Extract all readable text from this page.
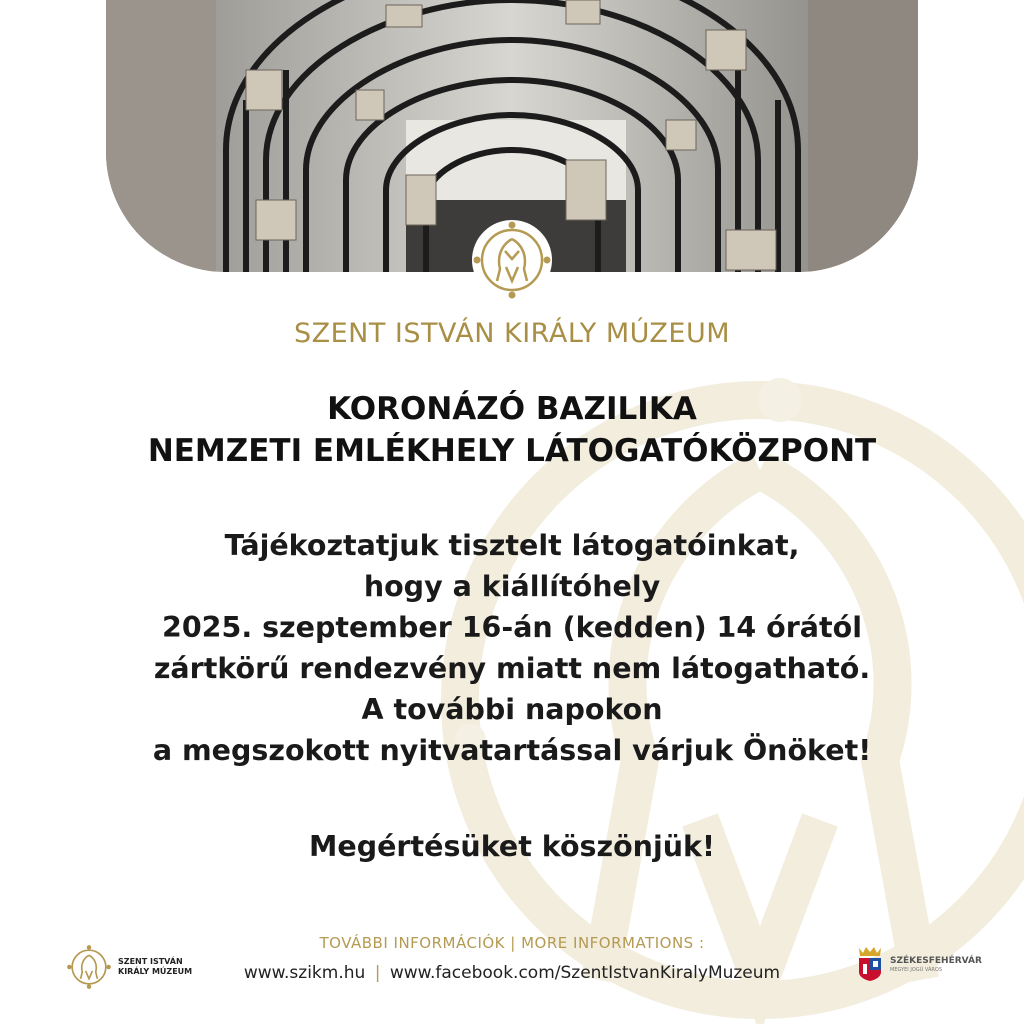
SZENT ISTVÁN KIRÁLY MÚZEUM
KORONÁZÓ BAZILIKA
NEMZETI EMLÉKHELY LÁTOGATÓKÖZPONT
Tájékoztatjuk tisztelt látogatóinkat,
hogy a kiállítóhely
2025. szeptember 16-án (kedden) 14 órától
zártkörű rendezvény miatt nem látogatható.
A további napokon
a megszokott nyitvatartással várjuk Önöket!
Megértésüket köszönjük!
TOVÁBBI INFORMÁCIÓK | MORE INFORMATIONS :
www.szikm.hu | www.facebook.com/SzentIstvanKiralyMuzeum
SZENT ISTVÁN
KIRÁLY MÚZEUM
SZÉKESFEHÉRVÁR
MEGYEI JOGÚ VÁROS
